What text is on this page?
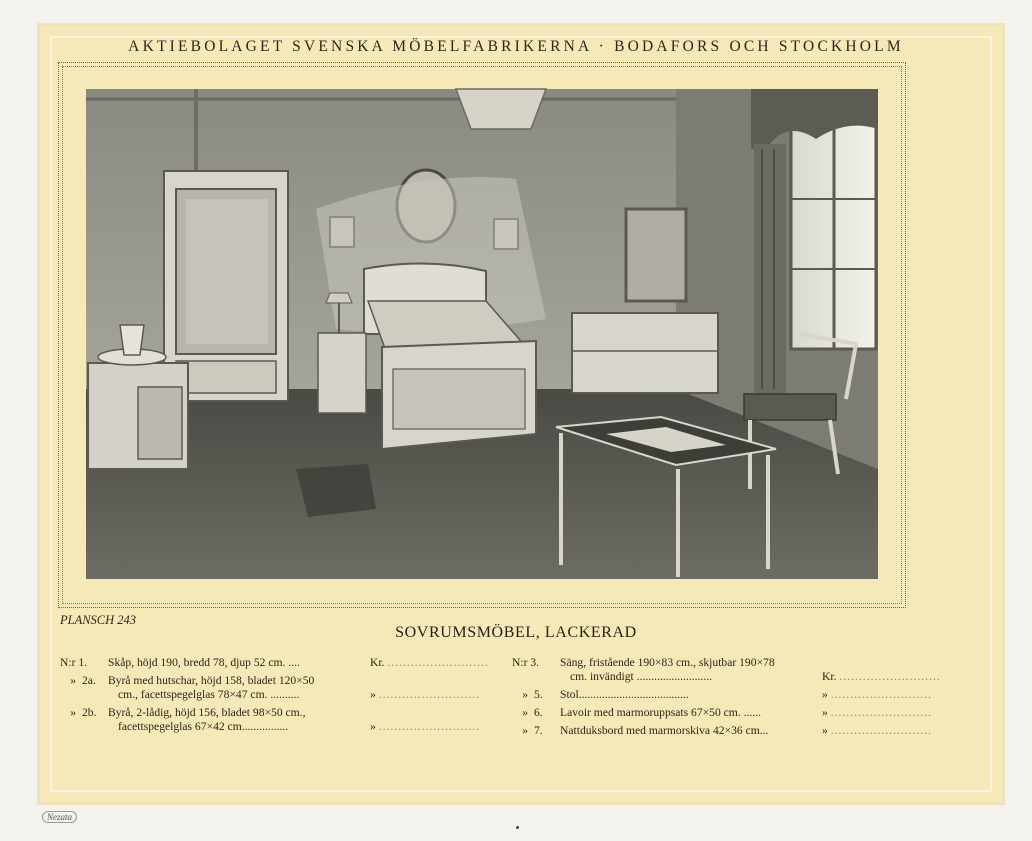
AKTIEBOLAGET SVENSKA MÖBELFABRIKERNA · BODAFORS OCH STOCKHOLM
PLANSCH 243
SOVRUMSMÖBEL, LACKERAD
N:r 1.	Skåp, höjd 190, bredd 78, djup 52 cm. ....	Kr. ..........................
» 2a.	Byrå med hutschar, höjd 158, bladet 120×50
cm., facettspegelglas 78×47 cm. ..........	» ..........................
» 2b. Byrå, 2-lådig, höjd 156, bladet 98×50 cm.,
facettspegelglas 67×42 cm................	» ..........................
N:r 3.	Säng, fristående 190×83 cm., skjutbar 190×78
cm. invändigt ..........................	Kr. ..........................
» 5.	Stol......................................	» ..........................
» 6.	Lavoir med marmoruppsats 67×50 cm. ......	» ..........................
» 7.	Nattduksbord med marmorskiva 42×36 cm...	» ..........................
Nezata
